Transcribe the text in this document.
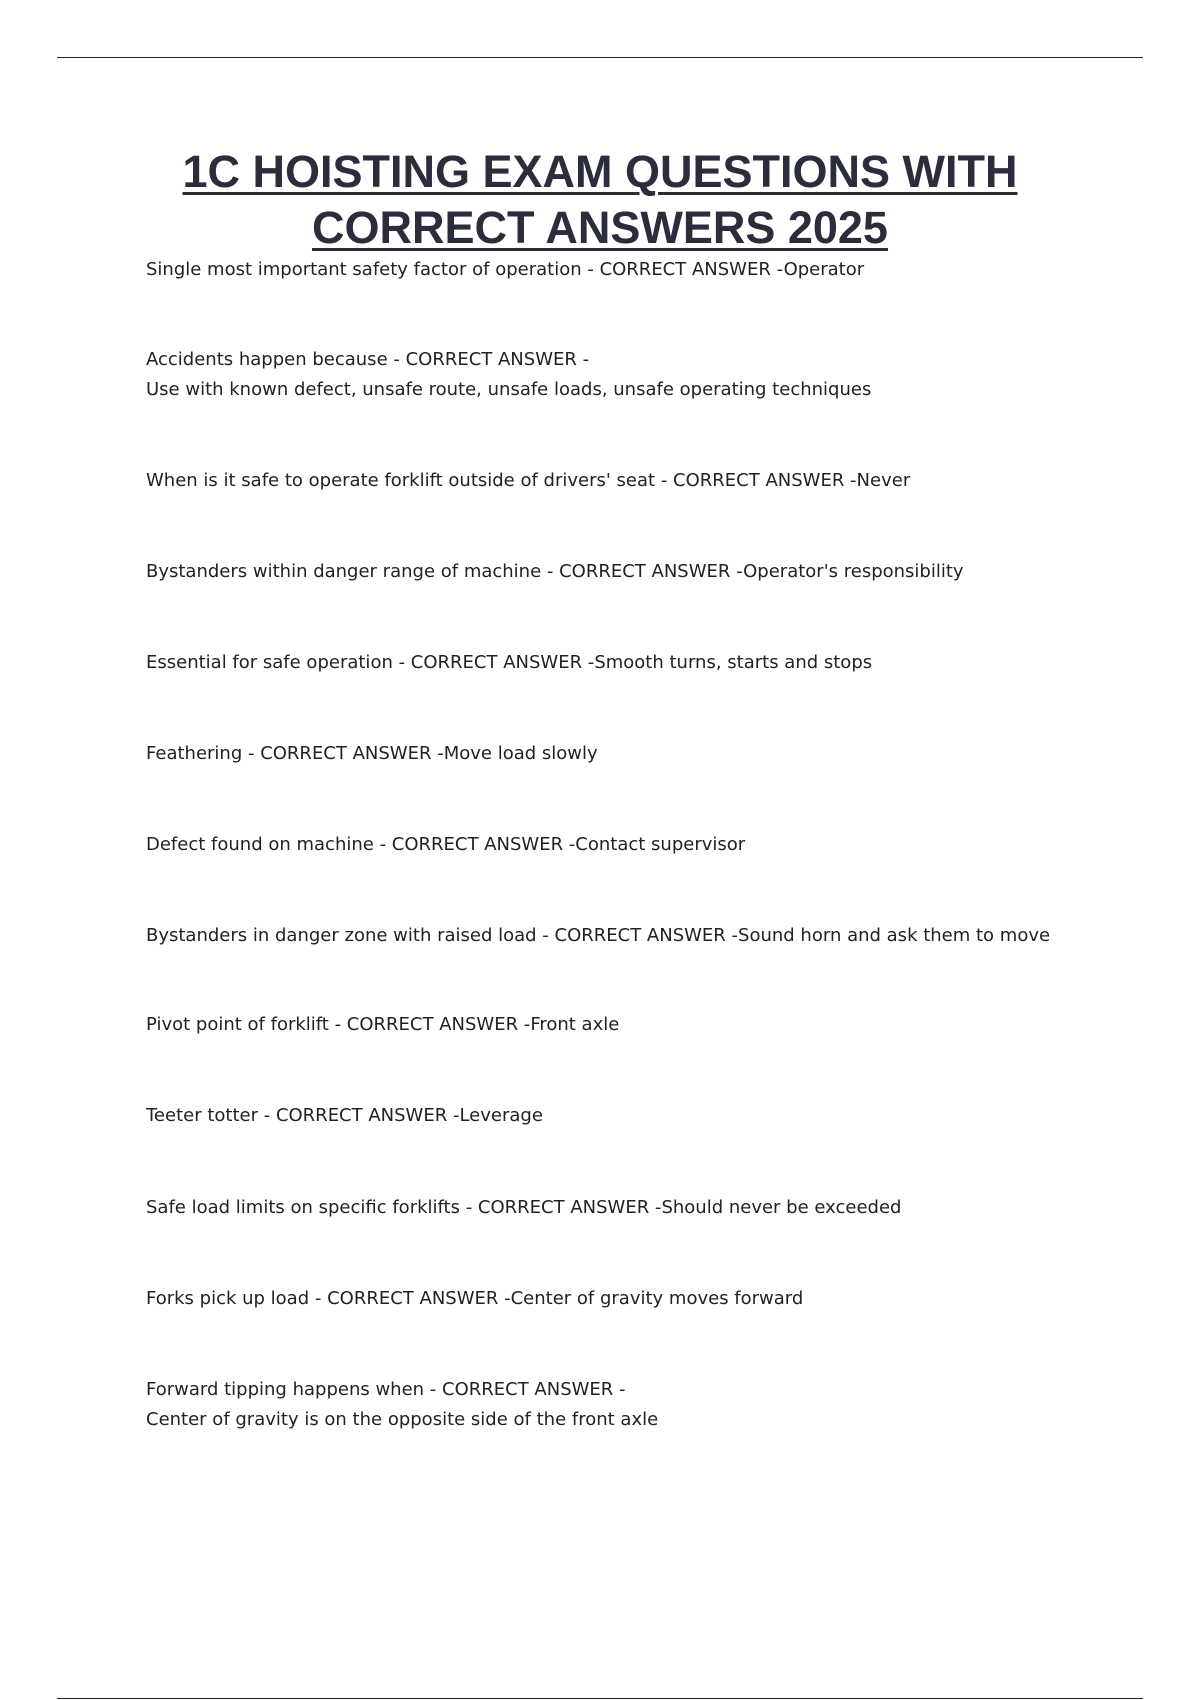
1C HOISTING EXAM QUESTIONS WITH
CORRECT ANSWERS 2025

Single most important safety factor of operation - CORRECT ANSWER -Operator

Accidents happen because - CORRECT ANSWER -
Use with known defect, unsafe route, unsafe loads, unsafe operating techniques

When is it safe to operate forklift outside of drivers' seat - CORRECT ANSWER -Never

Bystanders within danger range of machine - CORRECT ANSWER -Operator's responsibility

Essential for safe operation - CORRECT ANSWER -Smooth turns, starts and stops

Feathering - CORRECT ANSWER -Move load slowly

Defect found on machine - CORRECT ANSWER -Contact supervisor

Bystanders in danger zone with raised load - CORRECT ANSWER -Sound horn and ask them to move

Pivot point of forklift - CORRECT ANSWER -Front axle

Teeter totter - CORRECT ANSWER -Leverage

Safe load limits on specific forklifts - CORRECT ANSWER -Should never be exceeded

Forks pick up load - CORRECT ANSWER -Center of gravity moves forward

Forward tipping happens when - CORRECT ANSWER -
Center of gravity is on the opposite side of the front axle
